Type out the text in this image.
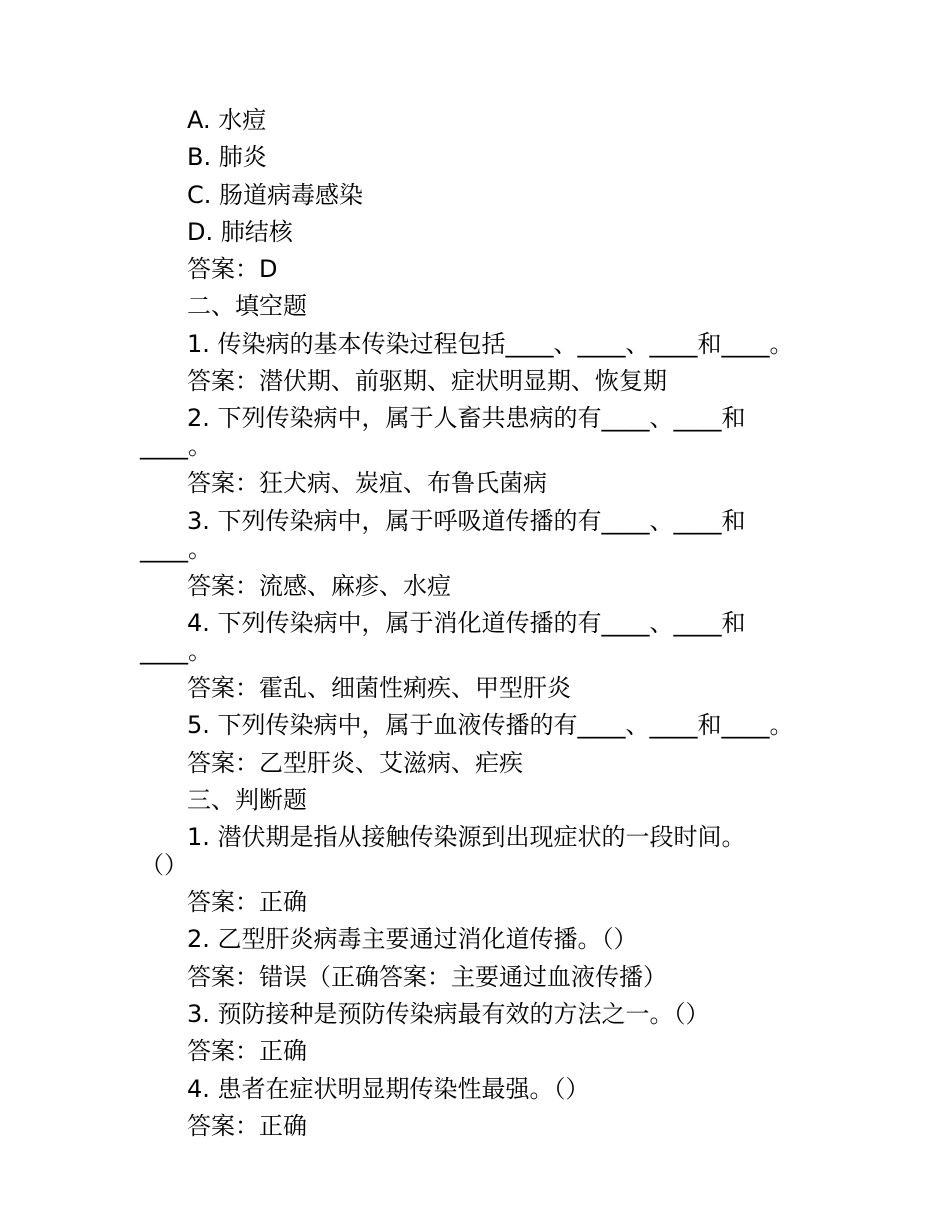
A. 水痘

B. 肺炎

C. 肠道病毒感染

D. 肺结核

答案：D

二、填空题

1. 传染病的基本传染过程包括____、____、____和____。

答案：潜伏期、前驱期、症状明显期、恢复期

2. 下列传染病中，属于人畜共患病的有____、____和____。

答案：狂犬病、炭疽、布鲁氏菌病

3. 下列传染病中，属于呼吸道传播的有____、____和____。

答案：流感、麻疹、水痘

4. 下列传染病中，属于消化道传播的有____、____和____。

答案：霍乱、细菌性痢疾、甲型肝炎

5. 下列传染病中，属于血液传播的有____、____和____。

答案：乙型肝炎、艾滋病、疟疾

三、判断题

1. 潜伏期是指从接触传染源到出现症状的一段时间。（）

答案：正确

2. 乙型肝炎病毒主要通过消化道传播。（）

答案：错误（正确答案：主要通过血液传播）

3. 预防接种是预防传染病最有效的方法之一。（）

答案：正确

4. 患者在症状明显期传染性最强。（）

答案：正确
